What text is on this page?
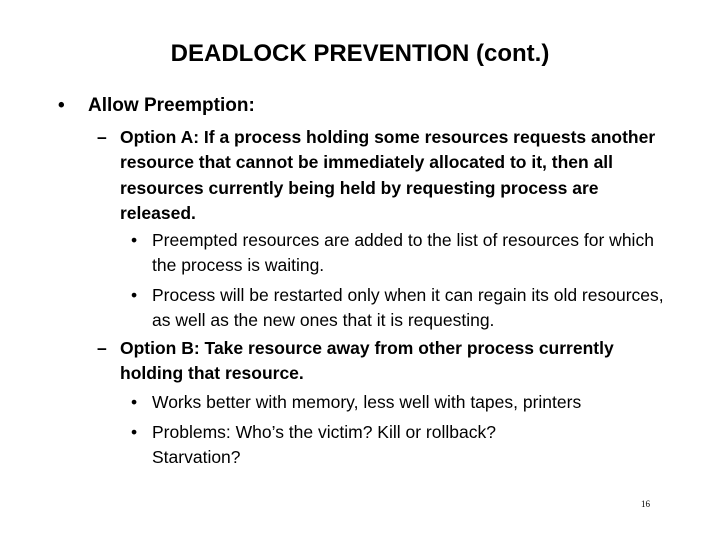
DEADLOCK PREVENTION (cont.)
• Allow Preemption:
– Option A: If a process holding some resources requests another resource that cannot be immediately allocated to it, then all resources currently being held by requesting process are released.
• Preempted resources are added to the list of resources for which the process is waiting.
• Process will be restarted only when it can regain its old resources, as well as the new ones that it is requesting.
– Option B: Take resource away from other process currently holding that resource.
• Works better with memory, less well with tapes, printers
• Problems: Who’s the victim? Kill or rollback? Starvation?
16
